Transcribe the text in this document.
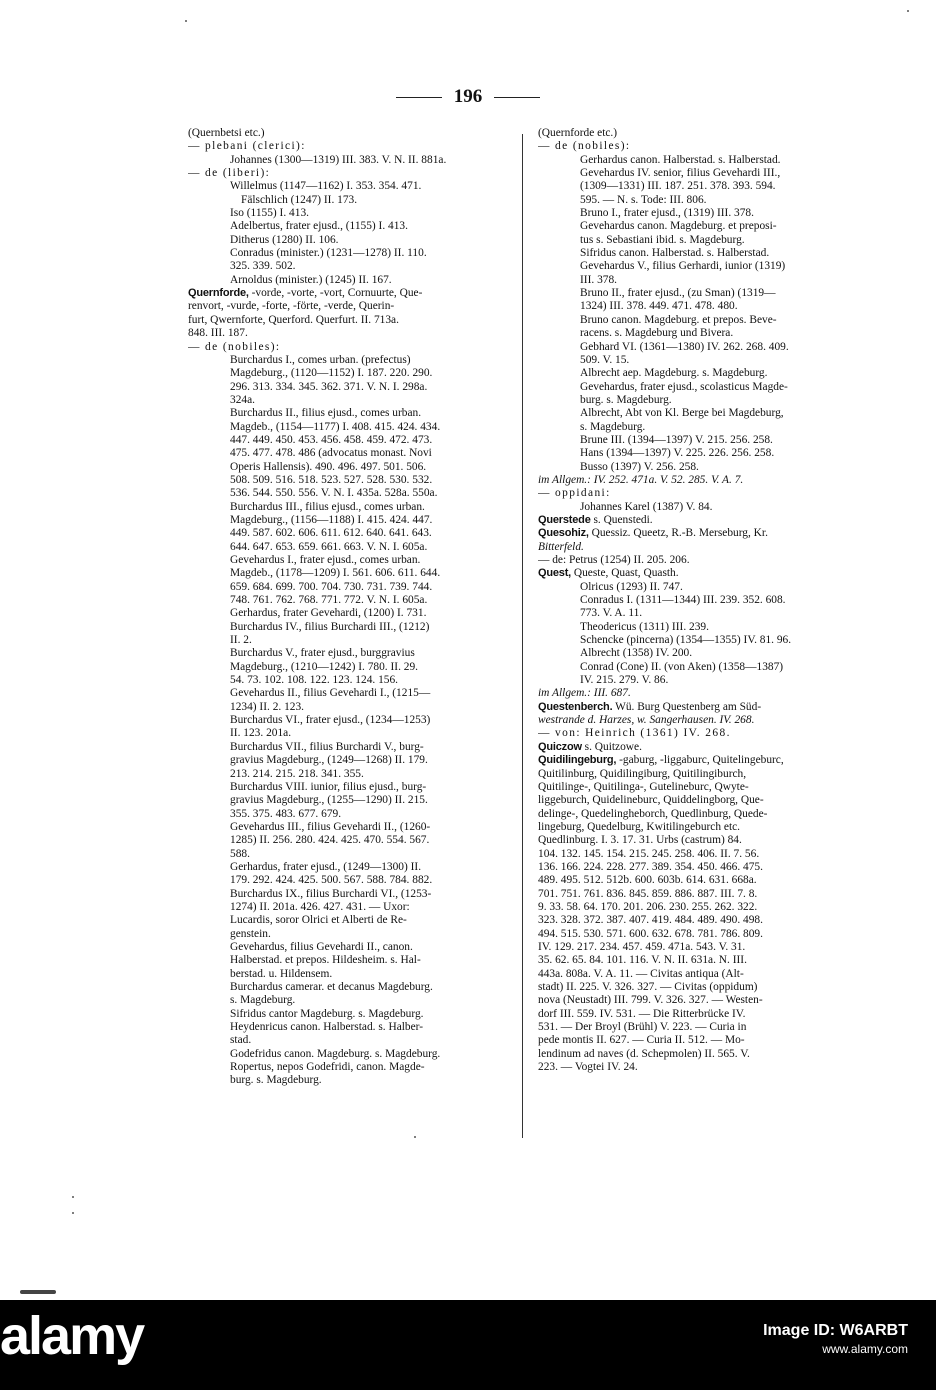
196
(Quernbetsi etc.)
— plebani (clerici):
Johannes (1300—1319) III. 383. V. N. II. 881a.
— de (liberi):
Willelmus (1147—1162) I. 353. 354. 471.
Fälschlich (1247) II. 173.
Iso (1155) I. 413.
Adelbertus, frater ejusd., (1155) I. 413.
Ditherus (1280) II. 106.
Conradus (minister.) (1231—1278) II. 110.
325. 339. 502.
Arnoldus (minister.) (1245) II. 167.
Quernforde, -vorde, -vorte, -vort, Cornuurte, Que-
renvort, -vurde, -forte, -förte, -verde, Querin-
furt, Qwernforte, Querford. Querfurt. II. 713a.
848. III. 187.
— de (nobiles):
Burchardus I., comes urban. (prefectus)
Magdeburg., (1120—1152) I. 187. 220. 290.
296. 313. 334. 345. 362. 371. V. N. I. 298a.
324a.
Burchardus II., filius ejusd., comes urban.
Magdeb., (1154—1177) I. 408. 415. 424. 434.
447. 449. 450. 453. 456. 458. 459. 472. 473.
475. 477. 478. 486 (advocatus monast. Novi
Operis Hallensis). 490. 496. 497. 501. 506.
508. 509. 516. 518. 523. 527. 528. 530. 532.
536. 544. 550. 556. V. N. I. 435a. 528a. 550a.
Burchardus III., filius ejusd., comes urban.
Magdeburg., (1156—1188) I. 415. 424. 447.
449. 587. 602. 606. 611. 612. 640. 641. 643.
644. 647. 653. 659. 661. 663. V. N. I. 605a.
Gevehardus I., frater ejusd., comes urban.
Magdeb., (1178—1209) I. 561. 606. 611. 644.
659. 684. 699. 700. 704. 730. 731. 739. 744.
748. 761. 762. 768. 771. 772. V. N. I. 605a.
Gerhardus, frater Gevehardi, (1200) I. 731.
Burchardus IV., filius Burchardi III., (1212)
II. 2.
Burchardus V., frater ejusd., burggravius
Magdeburg., (1210—1242) I. 780. II. 29.
54. 73. 102. 108. 122. 123. 124. 156.
Gevehardus II., filius Gevehardi I., (1215—
1234) II. 2. 123.
Burchardus VI., frater ejusd., (1234—1253)
II. 123. 201a.
Burchardus VII., filius Burchardi V., burg-
gravius Magdeburg., (1249—1268) II. 179.
213. 214. 215. 218. 341. 355.
Burchardus VIII. iunior, filius ejusd., burg-
gravius Magdeburg., (1255—1290) II. 215.
355. 375. 483. 677. 679.
Gevehardus III., filius Gevehardi II., (1260-
1285) II. 256. 280. 424. 425. 470. 554. 567.
588.
Gerhardus, frater ejusd., (1249—1300) II.
179. 292. 424. 425. 500. 567. 588. 784. 882.
Burchardus IX., filius Burchardi VI., (1253-
1274) II. 201a. 426. 427. 431. — Uxor:
Lucardis, soror Olrici et Alberti de Re-
genstein.
Gevehardus, filius Gevehardi II., canon.
Halberstad. et prepos. Hildesheim. s. Hal-
berstad. u. Hildensem.
Burchardus camerar. et decanus Magdeburg.
s. Magdeburg.
Sifridus cantor Magdeburg. s. Magdeburg.
Heydenricus canon. Halberstad. s. Halber-
stad.
Godefridus canon. Magdeburg. s. Magdeburg.
Ropertus, nepos Godefridi, canon. Magde-
burg. s. Magdeburg.
(Quernforde etc.)
— de (nobiles):
Gerhardus canon. Halberstad. s. Halberstad.
Gevehardus IV. senior, filius Gevehardi III.,
(1309—1331) III. 187. 251. 378. 393. 594.
595. — N. s. Tode: III. 806.
Bruno I., frater ejusd., (1319) III. 378.
Gevehardus canon. Magdeburg. et preposi-
tus s. Sebastiani ibid. s. Magdeburg.
Sifridus canon. Halberstad. s. Halberstad.
Gevehardus V., filius Gerhardi, iunior (1319)
III. 378.
Bruno II., frater ejusd., (zu Sman) (1319—
1324) III. 378. 449. 471. 478. 480.
Bruno canon. Magdeburg. et prepos. Beve-
racens. s. Magdeburg und Bivera.
Gebhard VI. (1361—1380) IV. 262. 268. 409.
509. V. 15.
Albrecht aep. Magdeburg. s. Magdeburg.
Gevehardus, frater ejusd., scolasticus Magde-
burg. s. Magdeburg.
Albrecht, Abt von Kl. Berge bei Magdeburg,
s. Magdeburg.
Brune III. (1394—1397) V. 215. 256. 258.
Hans (1394—1397) V. 225. 226. 256. 258.
Busso (1397) V. 256. 258.
im Allgem.: IV. 252. 471a. V. 52. 285. V. A. 7.
— oppidani:
Johannes Karel (1387) V. 84.
Querstede s. Quenstedi.
Quesohiz, Quessiz. Queetz, R.-B. Merseburg, Kr.
Bitterfeld.
— de: Petrus (1254) II. 205. 206.
Quest, Queste, Quast, Quasth.
Olricus (1293) II. 747.
Conradus I. (1311—1344) III. 239. 352. 608.
773. V. A. 11.
Theodericus (1311) III. 239.
Schencke (pincerna) (1354—1355) IV. 81. 96.
Albrecht (1358) IV. 200.
Conrad (Cone) II. (von Aken) (1358—1387)
IV. 215. 279. V. 86.
im Allgem.: III. 687.
Questenberch. Wü. Burg Questenberg am Süd-
westrande d. Harzes, w. Sangerhausen. IV. 268.
— von: Heinrich (1361) IV. 268.
Quiczow s. Quitzowe.
Quidilingeburg, -gaburg, -liggaburc, Quitelingeburc,
Quitilinburg, Quidilingiburg, Quitilingiburch,
Quitilinge-, Quitilinga-, Gutelineburc, Qwyte-
liggeburch, Quidelineburc, Quiddelingborg, Que-
delinge-, Quedelingheborch, Quedlinburg, Quede-
lingeburg, Quedelburg, Kwitilingeburch etc.
Quedlinburg. I. 3. 17. 31. Urbs (castrum) 84.
104. 132. 145. 154. 215. 245. 258. 406. II. 7. 56.
136. 166. 224. 228. 277. 389. 354. 450. 466. 475.
489. 495. 512. 512b. 600. 603b. 614. 631. 668a.
701. 751. 761. 836. 845. 859. 886. 887. III. 7. 8.
9. 33. 58. 64. 170. 201. 206. 230. 255. 262. 322.
323. 328. 372. 387. 407. 419. 484. 489. 490. 498.
494. 515. 530. 571. 600. 632. 678. 781. 786. 809.
IV. 129. 217. 234. 457. 459. 471a. 543. V. 31.
35. 62. 65. 84. 101. 116. V. N. II. 631a. N. III.
443a. 808a. V. A. 11. — Civitas antiqua (Alt-
stadt) II. 225. V. 326. 327. — Civitas (oppidum)
nova (Neustadt) III. 799. V. 326. 327. — Westen-
dorf III. 559. IV. 531. — Die Ritterbrücke IV.
531. — Der Broyl (Brühl) V. 223. — Curia in
pede montis II. 627. — Curia II. 512. — Mo-
lendinum ad naves (d. Schepmolen) II. 565. V.
223. — Vogtei IV. 24.
alamy	Image ID: W6ARBT
www.alamy.com
